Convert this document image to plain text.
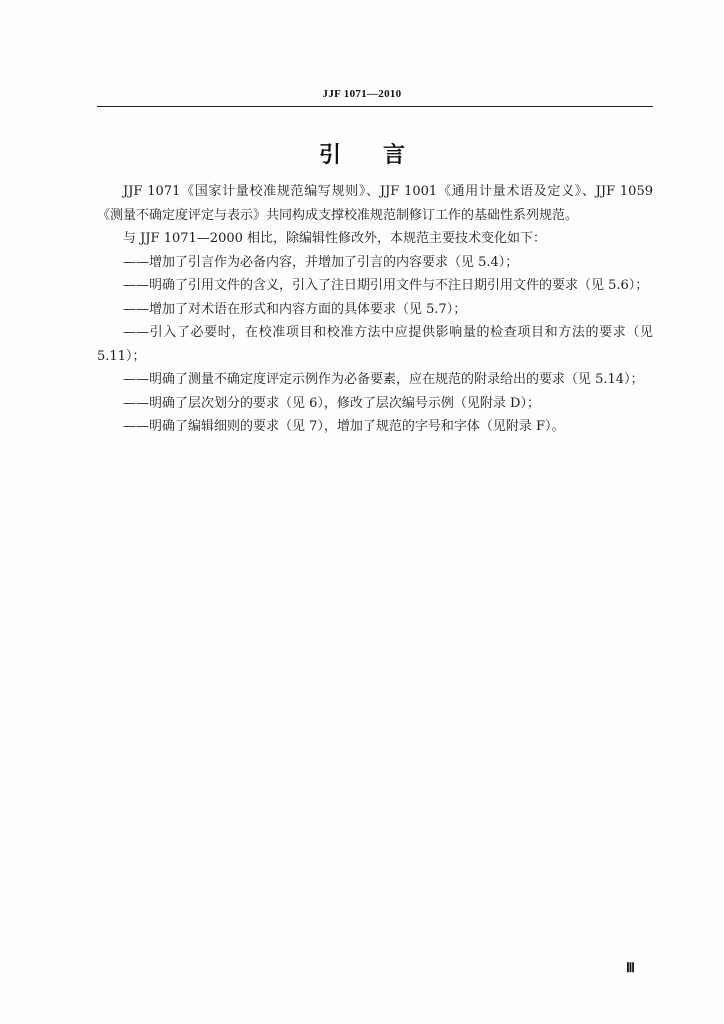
JJF 1071—2010
引言

JJF 1071《国家计量校准规范编写规则》、JJF 1001《通用计量术语及定义》、JJF 1059《测量不确定度评定与表示》共同构成支撑校准规范制修订工作的基础性系列规范。

与 JJF 1071—2000 相比，除编辑性修改外，本规范主要技术变化如下：

——增加了引言作为必备内容，并增加了引言的内容要求（见 5.4）；

——明确了引用文件的含义，引入了注日期引用文件与不注日期引用文件的要求（见 5.6）；

——增加了对术语在形式和内容方面的具体要求（见 5.7）；

——引入了必要时，在校准项目和校准方法中应提供影响量的检查项目和方法的要求（见 5.11）；

——明确了测量不确定度评定示例作为必备要素，应在规范的附录给出的要求（见 5.14）；

——明确了层次划分的要求（见 6），修改了层次编号示例（见附录 D）；

——明确了编辑细则的要求（见 7），增加了规范的字号和字体（见附录 F）。

Ⅲ
